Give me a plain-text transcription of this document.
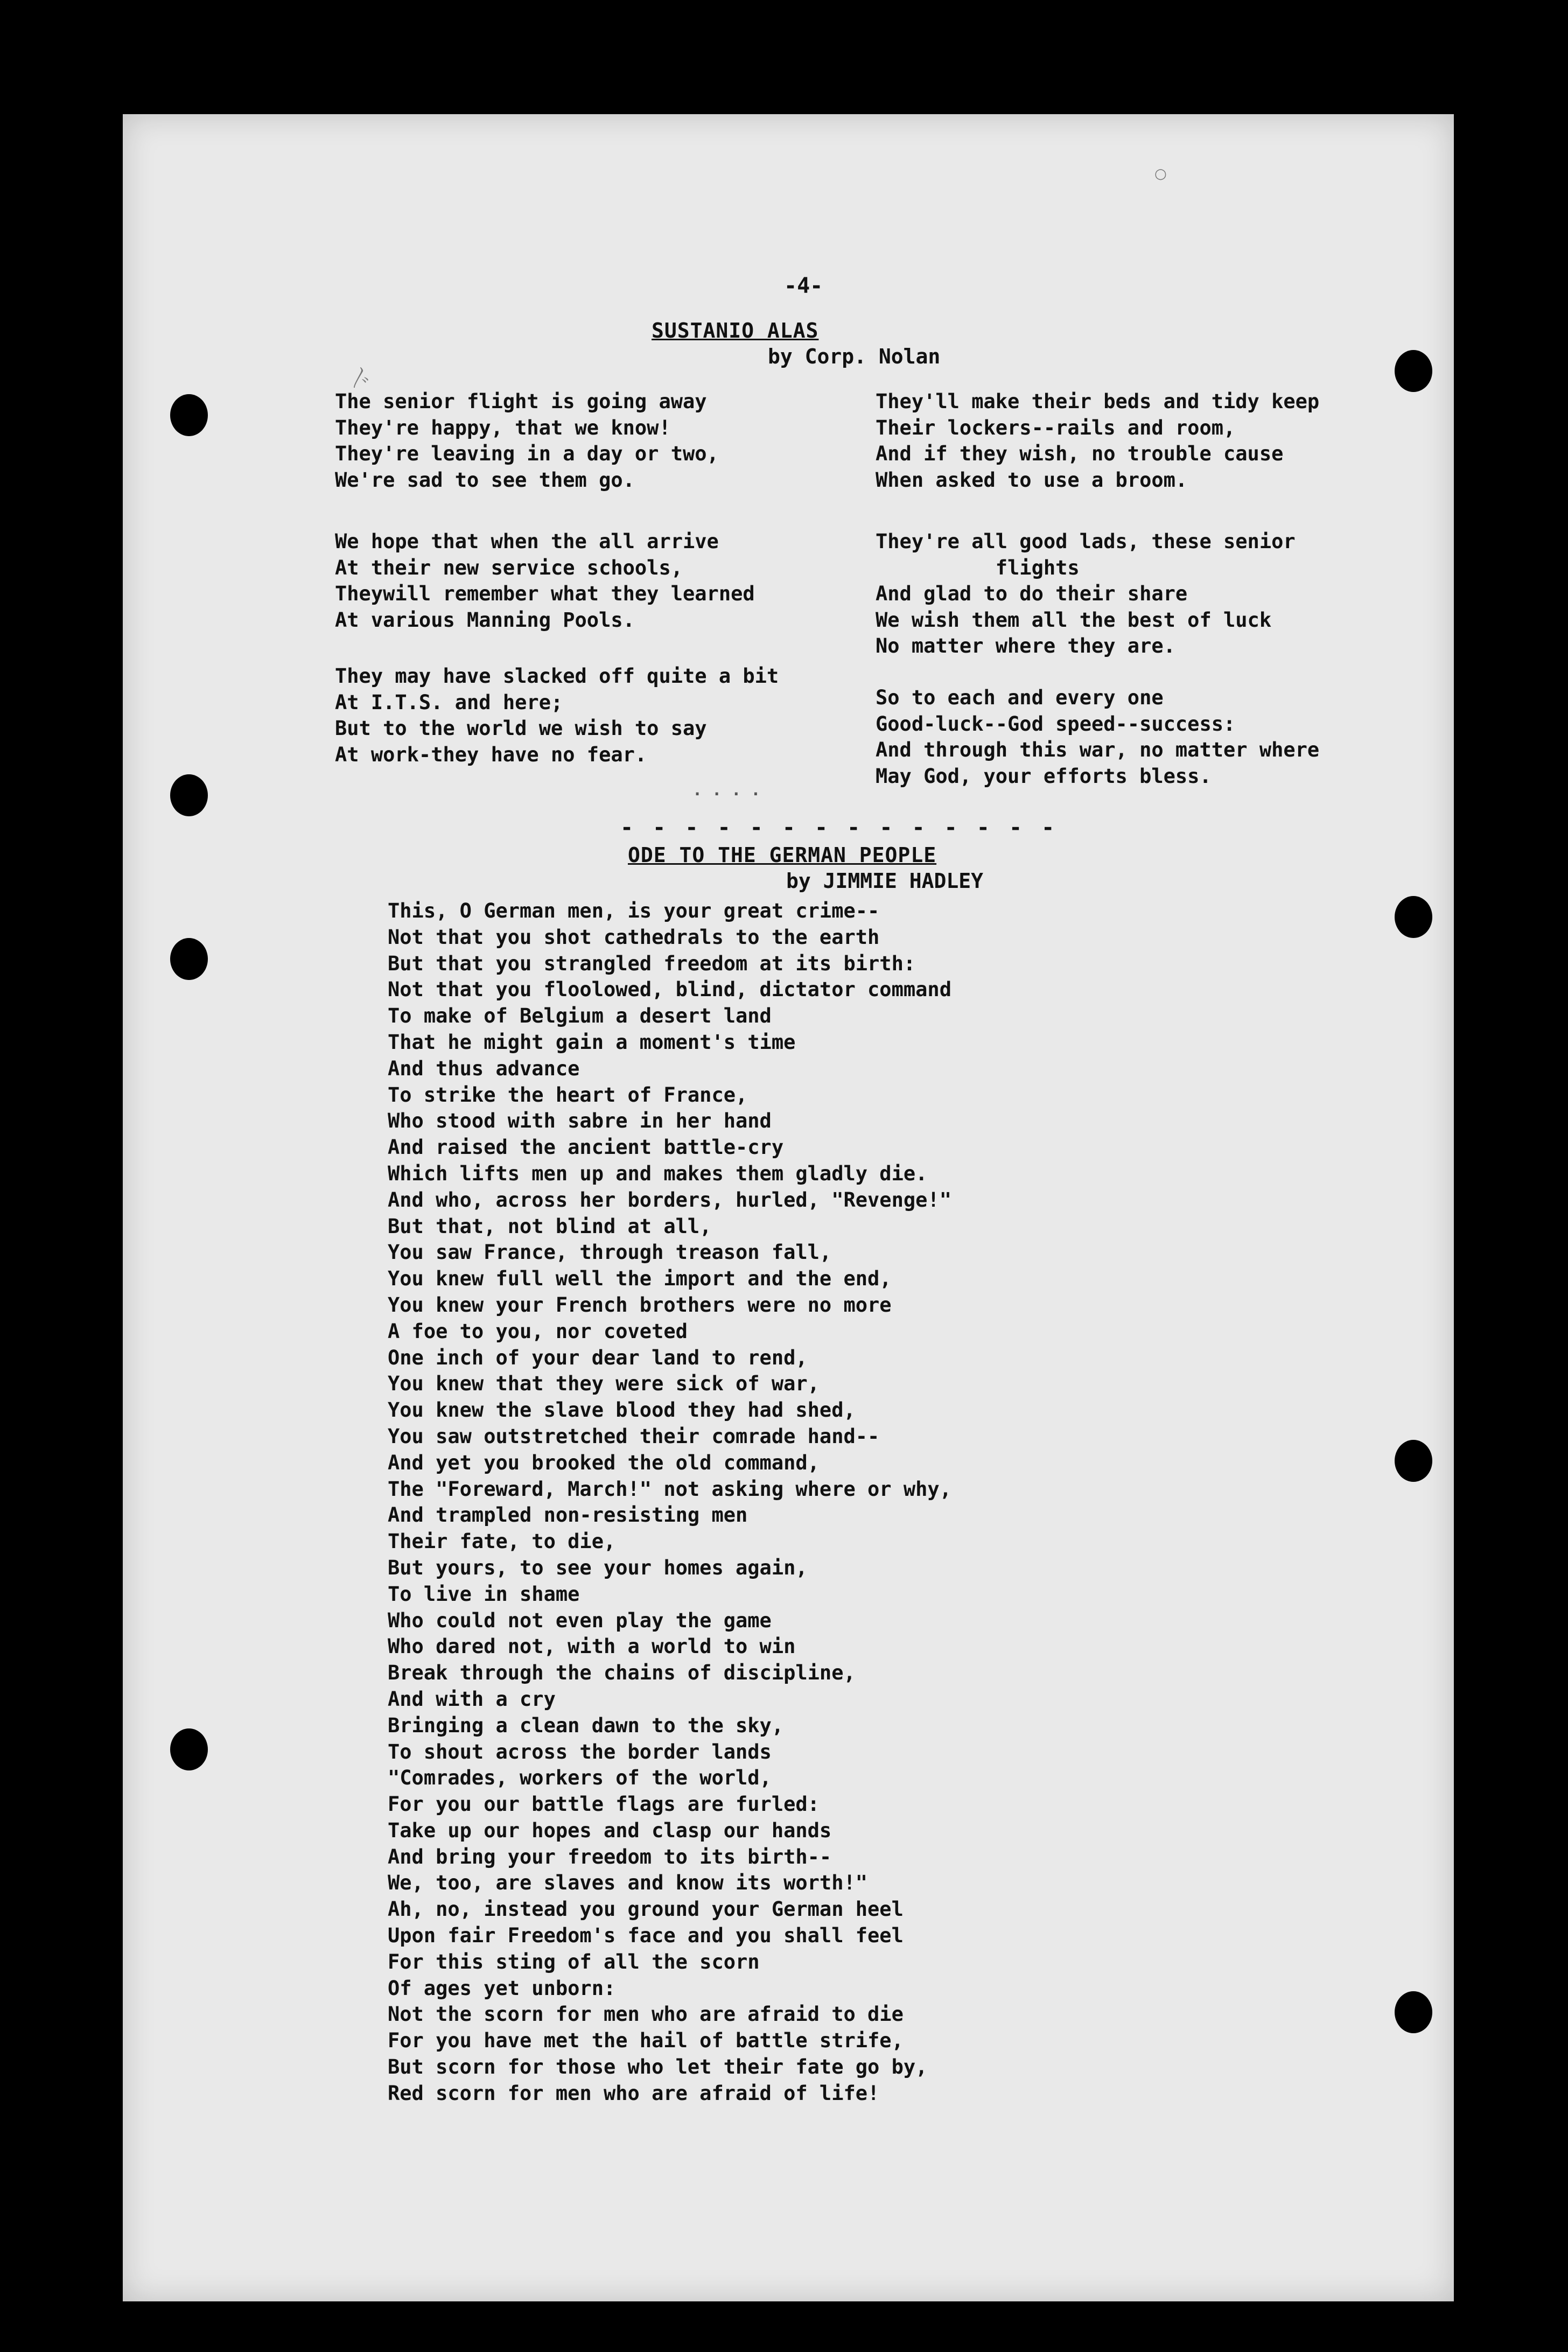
〴
○

-4-

SUSTANIO ALAS

by Corp. Nolan

The senior flight is going away
They're happy, that we know!
They're leaving in a day or two,
We're sad to see them go.

We hope that when the all arrive
At their new service schools,
Theywill remember what they learned
At various Manning Pools.

They may have slacked off quite a bit
At I.T.S. and here;
But to the world we wish to say
At work-they have no fear.

They'll make their beds and tidy keep
Their lockers--rails and room,
And if they wish, no trouble cause
When asked to use a broom.

They're all good lads, these senior
flights
And glad to do their share
We wish them all the best of luck
No matter where they are.

So to each and every one
Good-luck--God speed--success:
And through this war, no matter where
May God, your efforts bless.

. . . .

- - - - - - - - - - - - - -

ODE TO THE GERMAN PEOPLE

by JIMMIE HADLEY

This, O German men, is your great crime--
Not that you shot cathedrals to the earth
But that you strangled freedom at its birth:
Not that you floolowed, blind, dictator command
To make of Belgium a desert land
That he might gain a moment's time
And thus advance
To strike the heart of France,
Who stood with sabre in her hand
And raised the ancient battle-cry
Which lifts men up and makes them gladly die.
And who, across her borders, hurled, "Revenge!"
But that, not blind at all,
You saw France, through treason fall,
You knew full well the import and the end,
You knew your French brothers were no more
A foe to you, nor coveted
One inch of your dear land to rend,
You knew that they were sick of war,
You knew the slave blood they had shed,
You saw outstretched their comrade hand--
And yet you brooked the old command,
The "Foreward, March!" not asking where or why,
And trampled non-resisting men
Their fate, to die,
But yours, to see your homes again,
To live in shame
Who could not even play the game
Who dared not, with a world to win
Break through the chains of discipline,
And with a cry
Bringing a clean dawn to the sky,
To shout across the border lands
"Comrades, workers of the world,
For you our battle flags are furled:
Take up our hopes and clasp our hands
And bring your freedom to its birth--
We, too, are slaves and know its worth!"
Ah, no, instead you ground your German heel
Upon fair Freedom's face and you shall feel
For this sting of all the scorn
Of ages yet unborn:
Not the scorn for men who are afraid to die
For you have met the hail of battle strife,
But scorn for those who let their fate go by,
Red scorn for men who are afraid of life!
